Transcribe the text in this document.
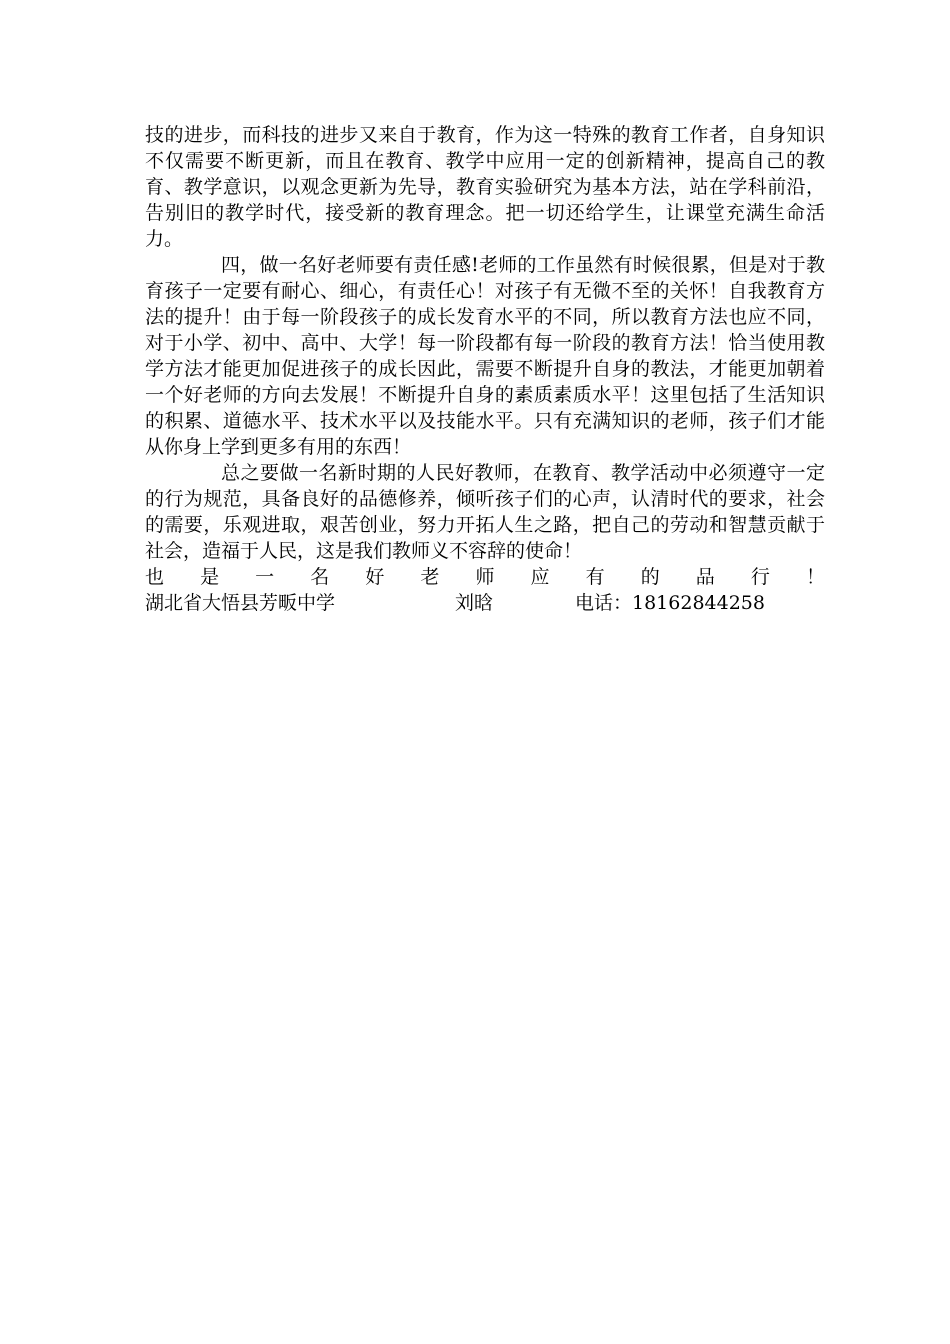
技的进步，而科技的进步又来自于教育，作为这一特殊的教育工作者，自身知识不仅需要不断更新，而且在教育、教学中应用一定的创新精神，提高自己的教育、教学意识，以观念更新为先导，教育实验研究为基本方法，站在学科前沿，告别旧的教学时代，接受新的教育理念。把一切还给学生，让课堂充满生命活力。

四，做一名好老师要有责任感!老师的工作虽然有时候很累，但是对于教育孩子一定要有耐心、细心，有责任心！对孩子有无微不至的关怀！自我教育方法的提升！由于每一阶段孩子的成长发育水平的不同，所以教育方法也应不同，对于小学、初中、高中、大学！每一阶段都有每一阶段的教育方法！恰当使用教学方法才能更加促进孩子的成长因此，需要不断提升自身的教法，才能更加朝着一个好老师的方向去发展！不断提升自身的素质素质水平！这里包括了生活知识的积累、道德水平、技术水平以及技能水平。只有充满知识的老师，孩子们才能从你身上学到更多有用的东西！

总之要做一名新时期的人民好教师，在教育、教学活动中必须遵守一定的行为规范，具备良好的品德修养，倾听孩子们的心声，认清时代的要求，社会的需要，乐观进取，艰苦创业，努力开拓人生之路，把自己的劳动和智慧贡献于社会，造福于人民，这是我们教师义不容辞的使命！

也 是 一 名 好 老 师 应 有 的 品 行 ！
湖北省大悟县芳畈中学	刘晗	电话：18162844258
